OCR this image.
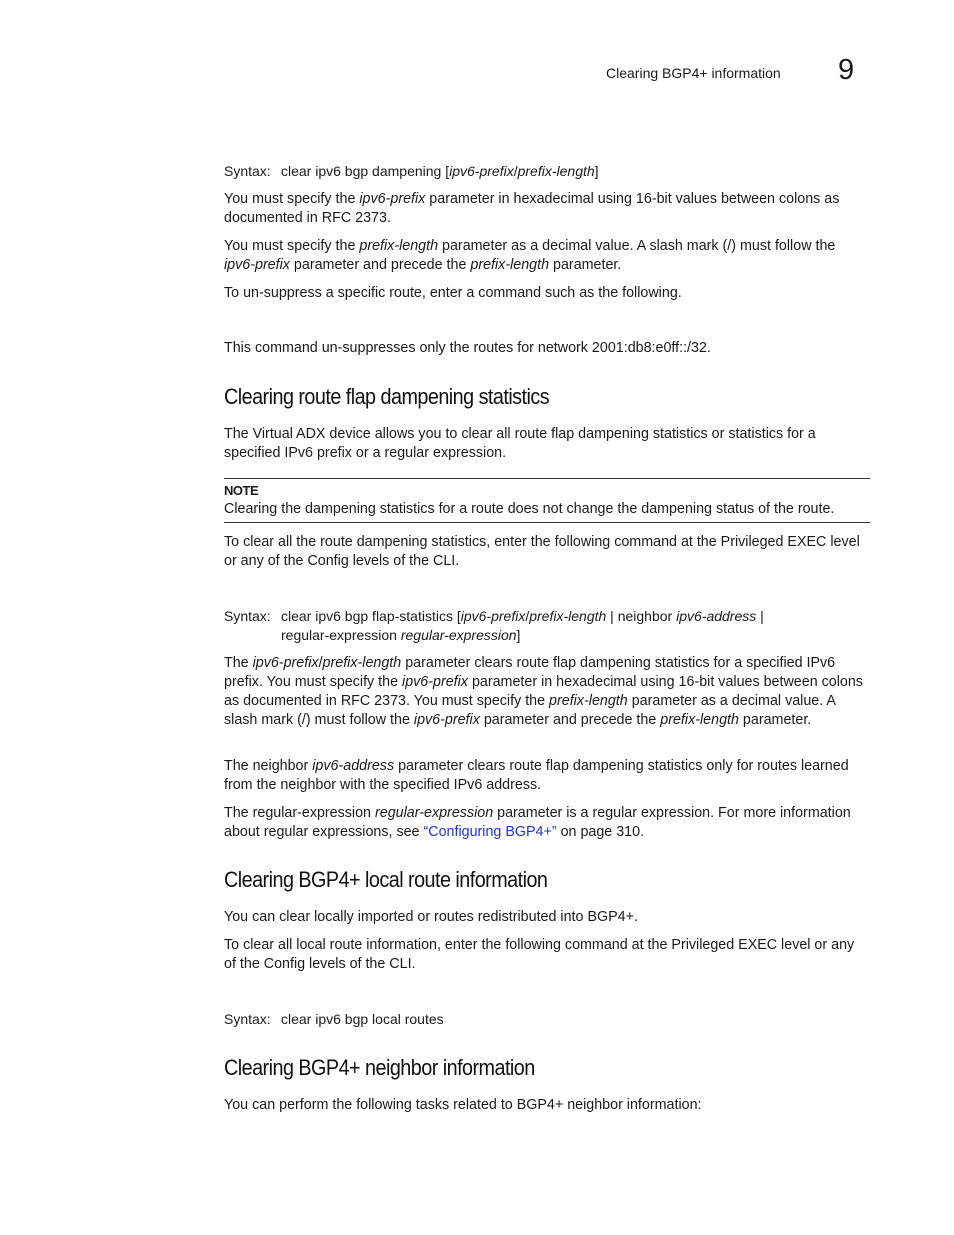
Clearing BGP4+ information 9
Syntax: clear ipv6 bgp dampening [ipv6-prefix/prefix-length]
You must specify the ipv6-prefix parameter in hexadecimal using 16-bit values between colons as documented in RFC 2373.
You must specify the prefix-length parameter as a decimal value. A slash mark (/) must follow the ipv6-prefix parameter and precede the prefix-length parameter.
To un-suppress a specific route, enter a command such as the following.
This command un-suppresses only the routes for network 2001:db8:e0ff::/32.
Clearing route flap dampening statistics
The Virtual ADX device allows you to clear all route flap dampening statistics or statistics for a specified IPv6 prefix or a regular expression.
NOTE
Clearing the dampening statistics for a route does not change the dampening status of the route.
To clear all the route dampening statistics, enter the following command at the Privileged EXEC level or any of the Config levels of the CLI.
Syntax: clear ipv6 bgp flap-statistics [ipv6-prefix/prefix-length | neighbor ipv6-address |
regular-expression regular-expression]
The ipv6-prefix/prefix-length parameter clears route flap dampening statistics for a specified IPv6 prefix. You must specify the ipv6-prefix parameter in hexadecimal using 16-bit values between colons as documented in RFC 2373. You must specify the prefix-length parameter as a decimal value. A slash mark (/) must follow the ipv6-prefix parameter and precede the prefix-length parameter.
The neighbor ipv6-address parameter clears route flap dampening statistics only for routes learned from the neighbor with the specified IPv6 address.
The regular-expression regular-expression parameter is a regular expression. For more information about regular expressions, see “Configuring BGP4+” on page 310.
Clearing BGP4+ local route information
You can clear locally imported or routes redistributed into BGP4+.
To clear all local route information, enter the following command at the Privileged EXEC level or any of the Config levels of the CLI.
Syntax: clear ipv6 bgp local routes
Clearing BGP4+ neighbor information
You can perform the following tasks related to BGP4+ neighbor information:
